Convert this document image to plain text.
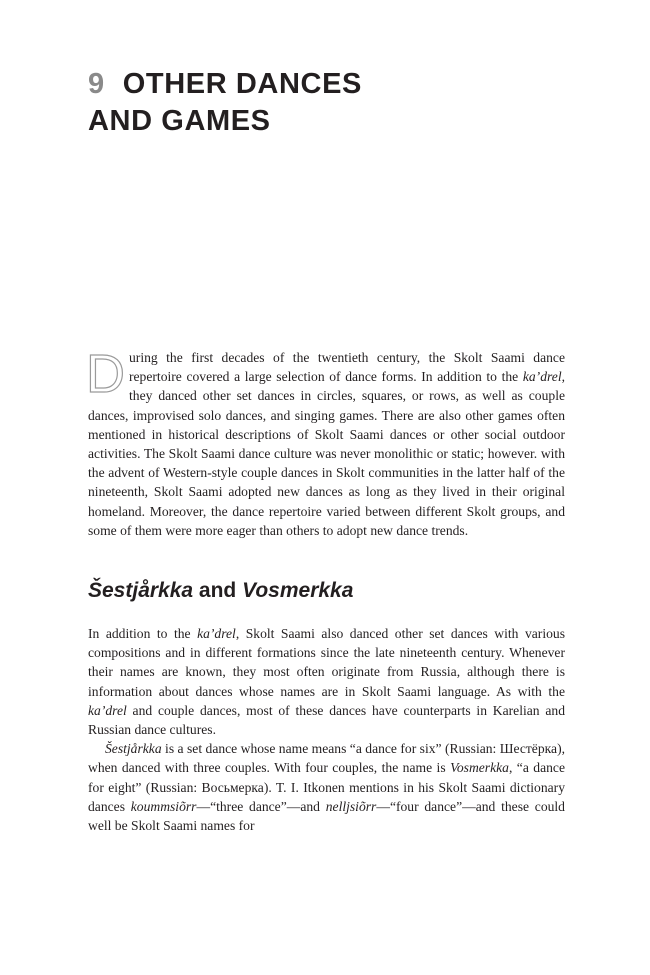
9 OTHER DANCES
AND GAMES

During the first decades of the twentieth century, the Skolt Saami dance repertoire covered a large selection of dance forms. In addition to the ka’drel, they danced other set dances in circles, squares, or rows, as well as couple dances, improvised solo dances, and singing games. There are also other games often mentioned in historical descriptions of Skolt Saami dances or other social outdoor activities. The Skolt Saami dance culture was never monolithic or static; however. with the advent of Western-style couple dances in Skolt communities in the latter half of the nineteenth, Skolt Saami adopted new dances as long as they lived in their original homeland. Moreover, the dance repertoire varied between different Skolt groups, and some of them were more eager than others to adopt new dance trends.

Šestjårkka and Vosmerkka

In addition to the ka’drel, Skolt Saami also danced other set dances with various compositions and in different formations since the late nineteenth century. Whenever their names are known, they most often originate from Russia, although there is information about dances whose names are in Skolt Saami language. As with the ka’drel and couple dances, most of these dances have counterparts in Karelian and Russian dance cultures.

Šestjårkka is a set dance whose name means “a dance for six” (Russian: Шестёрка), when danced with three couples. With four couples, the name is Vosmerkka, “a dance for eight” (Russian: Восьмерка). T. I. Itkonen mentions in his Skolt Saami dictionary dances koummsiõrr—“three dance”—and nelljsiõrr—“four dance”—and these could well be Skolt Saami names for
